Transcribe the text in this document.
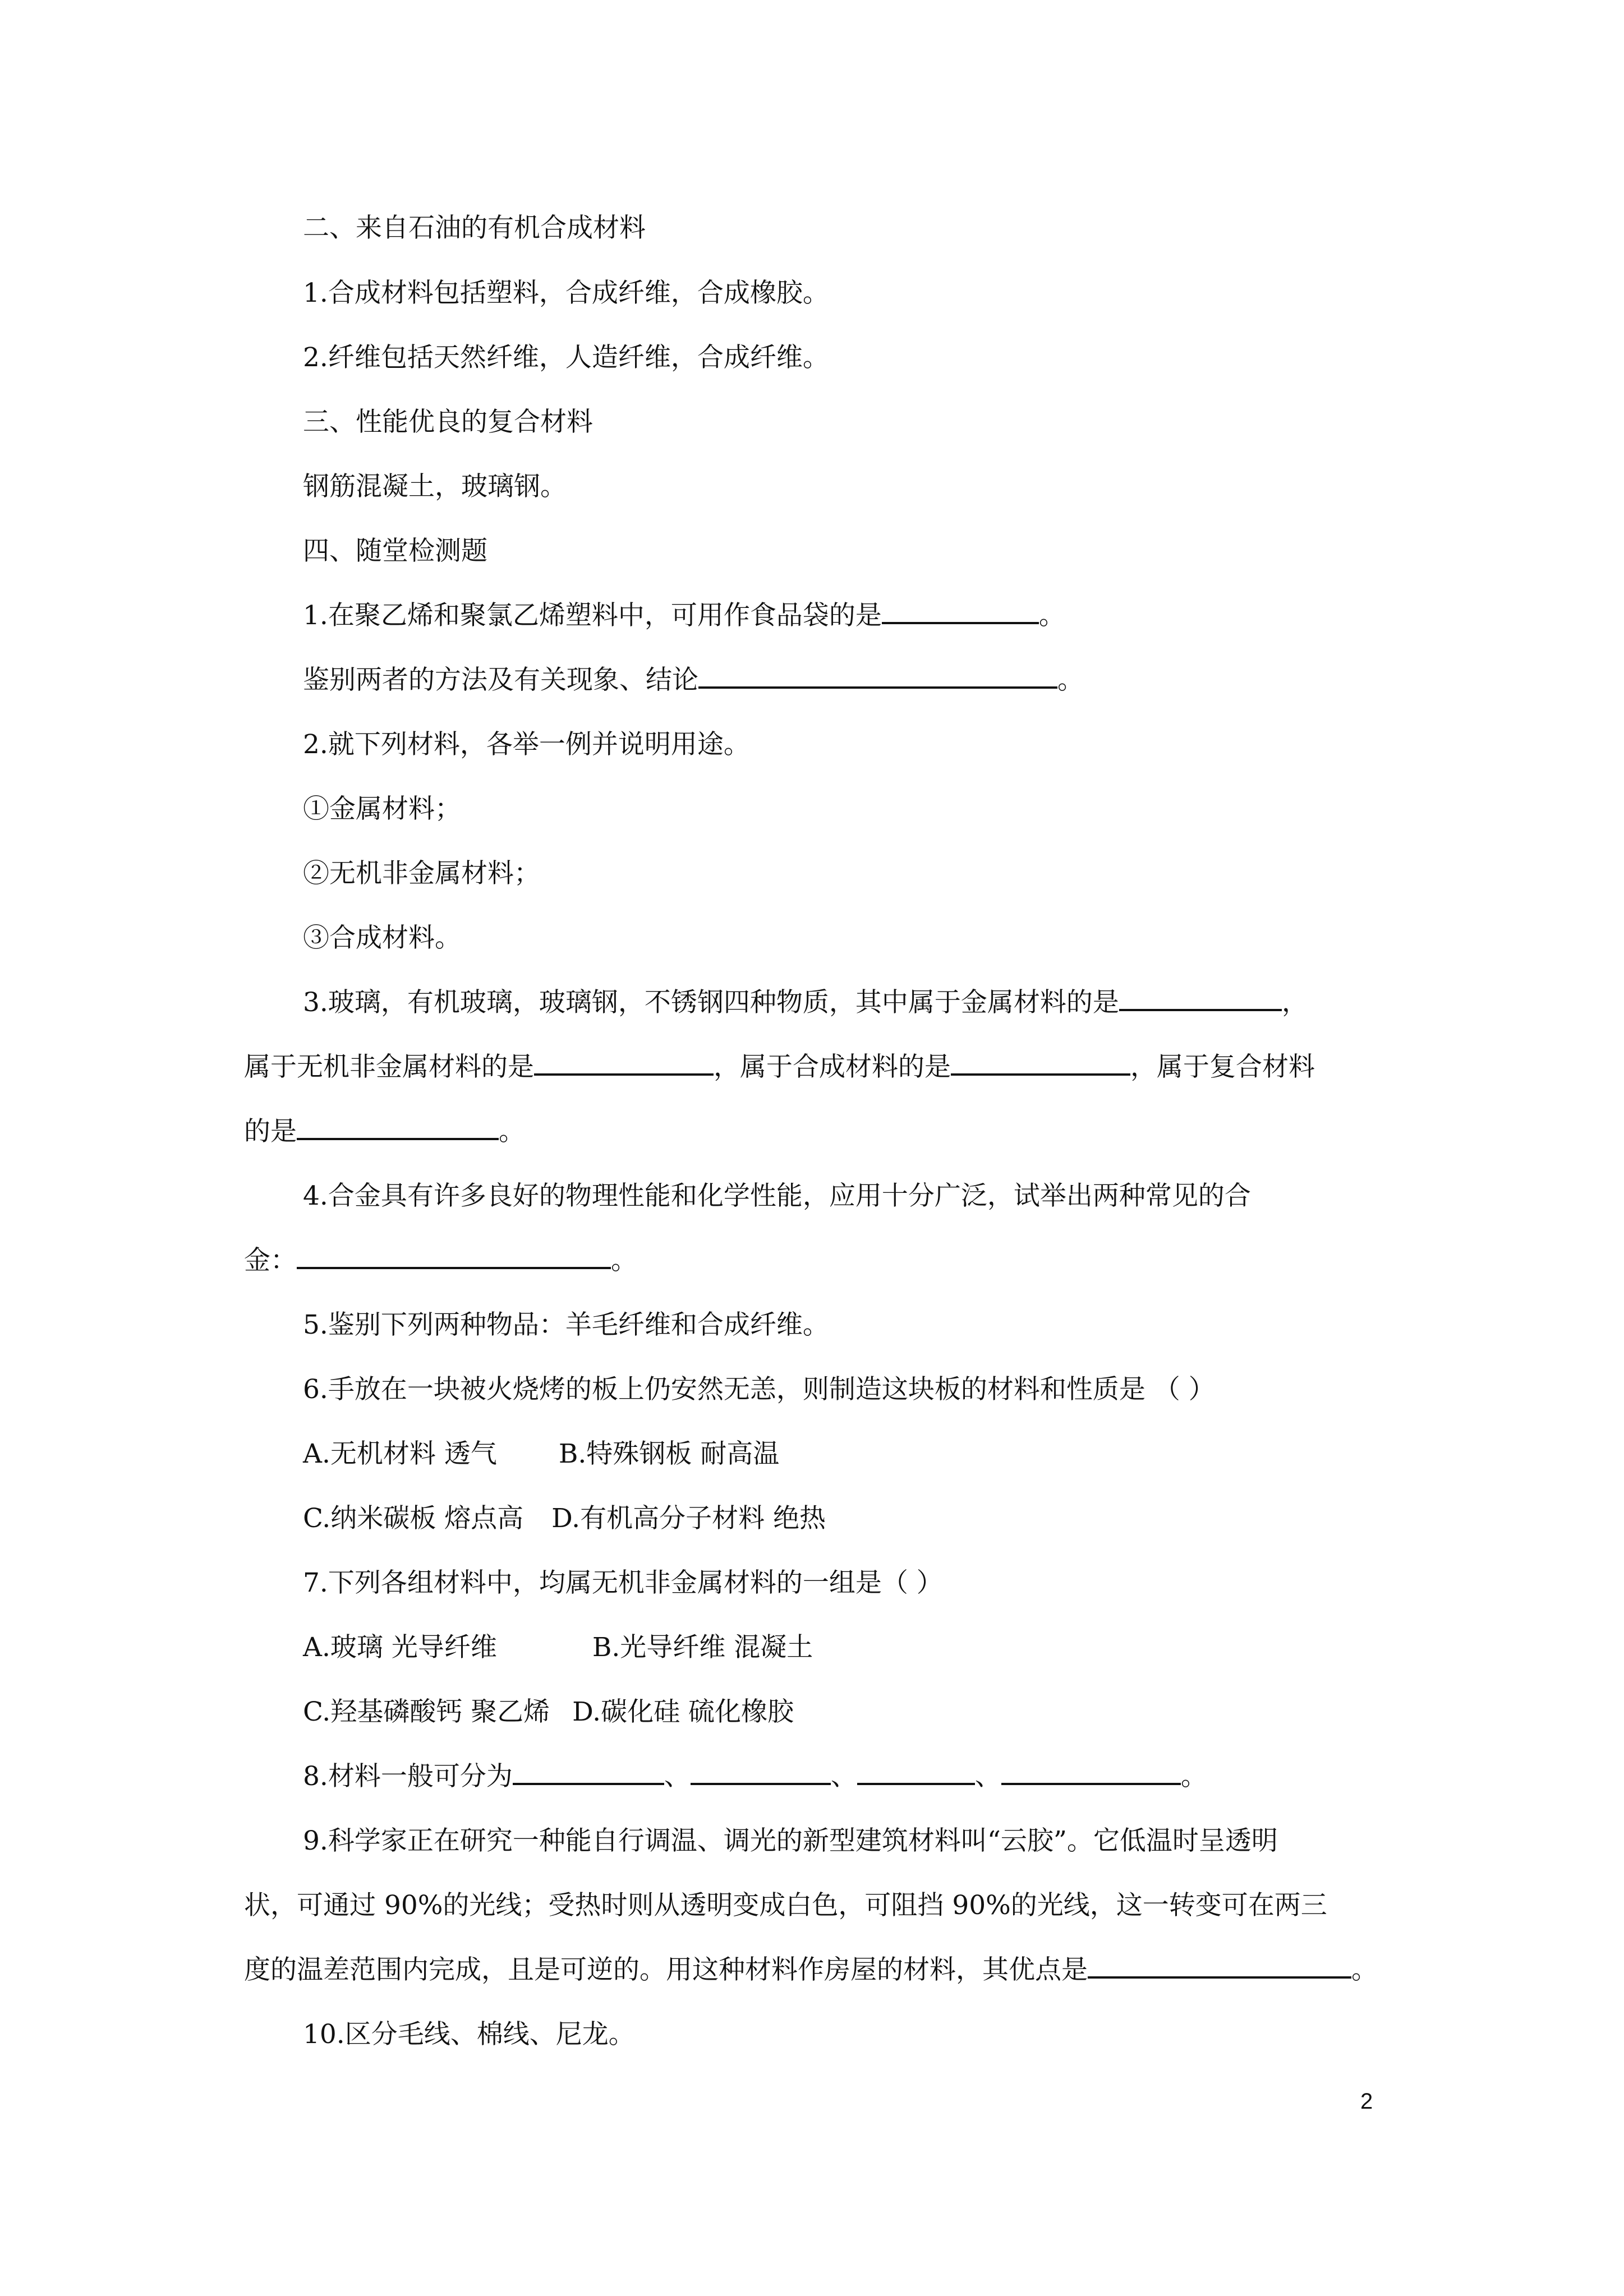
二、来自石油的有机合成材料
1.合成材料包括塑料，合成纤维，合成橡胶。
2.纤维包括天然纤维，人造纤维，合成纤维。
三、性能优良的复合材料
钢筋混凝土，玻璃钢。
四、随堂检测题
1.在聚乙烯和聚氯乙烯塑料中，可用作食品袋的是	。
鉴别两者的方法及有关现象、结论	。
2.就下列材料，各举一例并说明用途。
①金属材料；
②无机非金属材料；
③合成材料。
3.玻璃，有机玻璃，玻璃钢，不锈钢四种物质，其中属于金属材料的是	，
属于无机非金属材料的是	，属于合成材料的是	，属于复合材料
的是	。
4.合金具有许多良好的物理性能和化学性能，应用十分广泛，试举出两种常见的合
金：	。
5.鉴别下列两种物品：羊毛纤维和合成纤维。
6.手放在一块被火烧烤的板上仍安然无恙，则制造这块板的材料和性质是 （ ）
A.无机材料 透气 B.特殊钢板 耐高温
C.纳米碳板 熔点高 D.有机高分子材料 绝热
7.下列各组材料中，均属无机非金属材料的一组是（ ）
A.玻璃 光导纤维	B.光导纤维 混凝土
C.羟基磷酸钙 聚乙烯 D.碳化硅 硫化橡胶
8.材料一般可分为	、	、	、	。
9.科学家正在研究一种能自行调温、调光的新型建筑材料叫“云胶”。它低温时呈透明
状，可通过 90%的光线；受热时则从透明变成白色，可阻挡 90%的光线，这一转变可在两三
度的温差范围内完成，且是可逆的。用这种材料作房屋的材料，其优点是	。
10.区分毛线、棉线、尼龙。
2
